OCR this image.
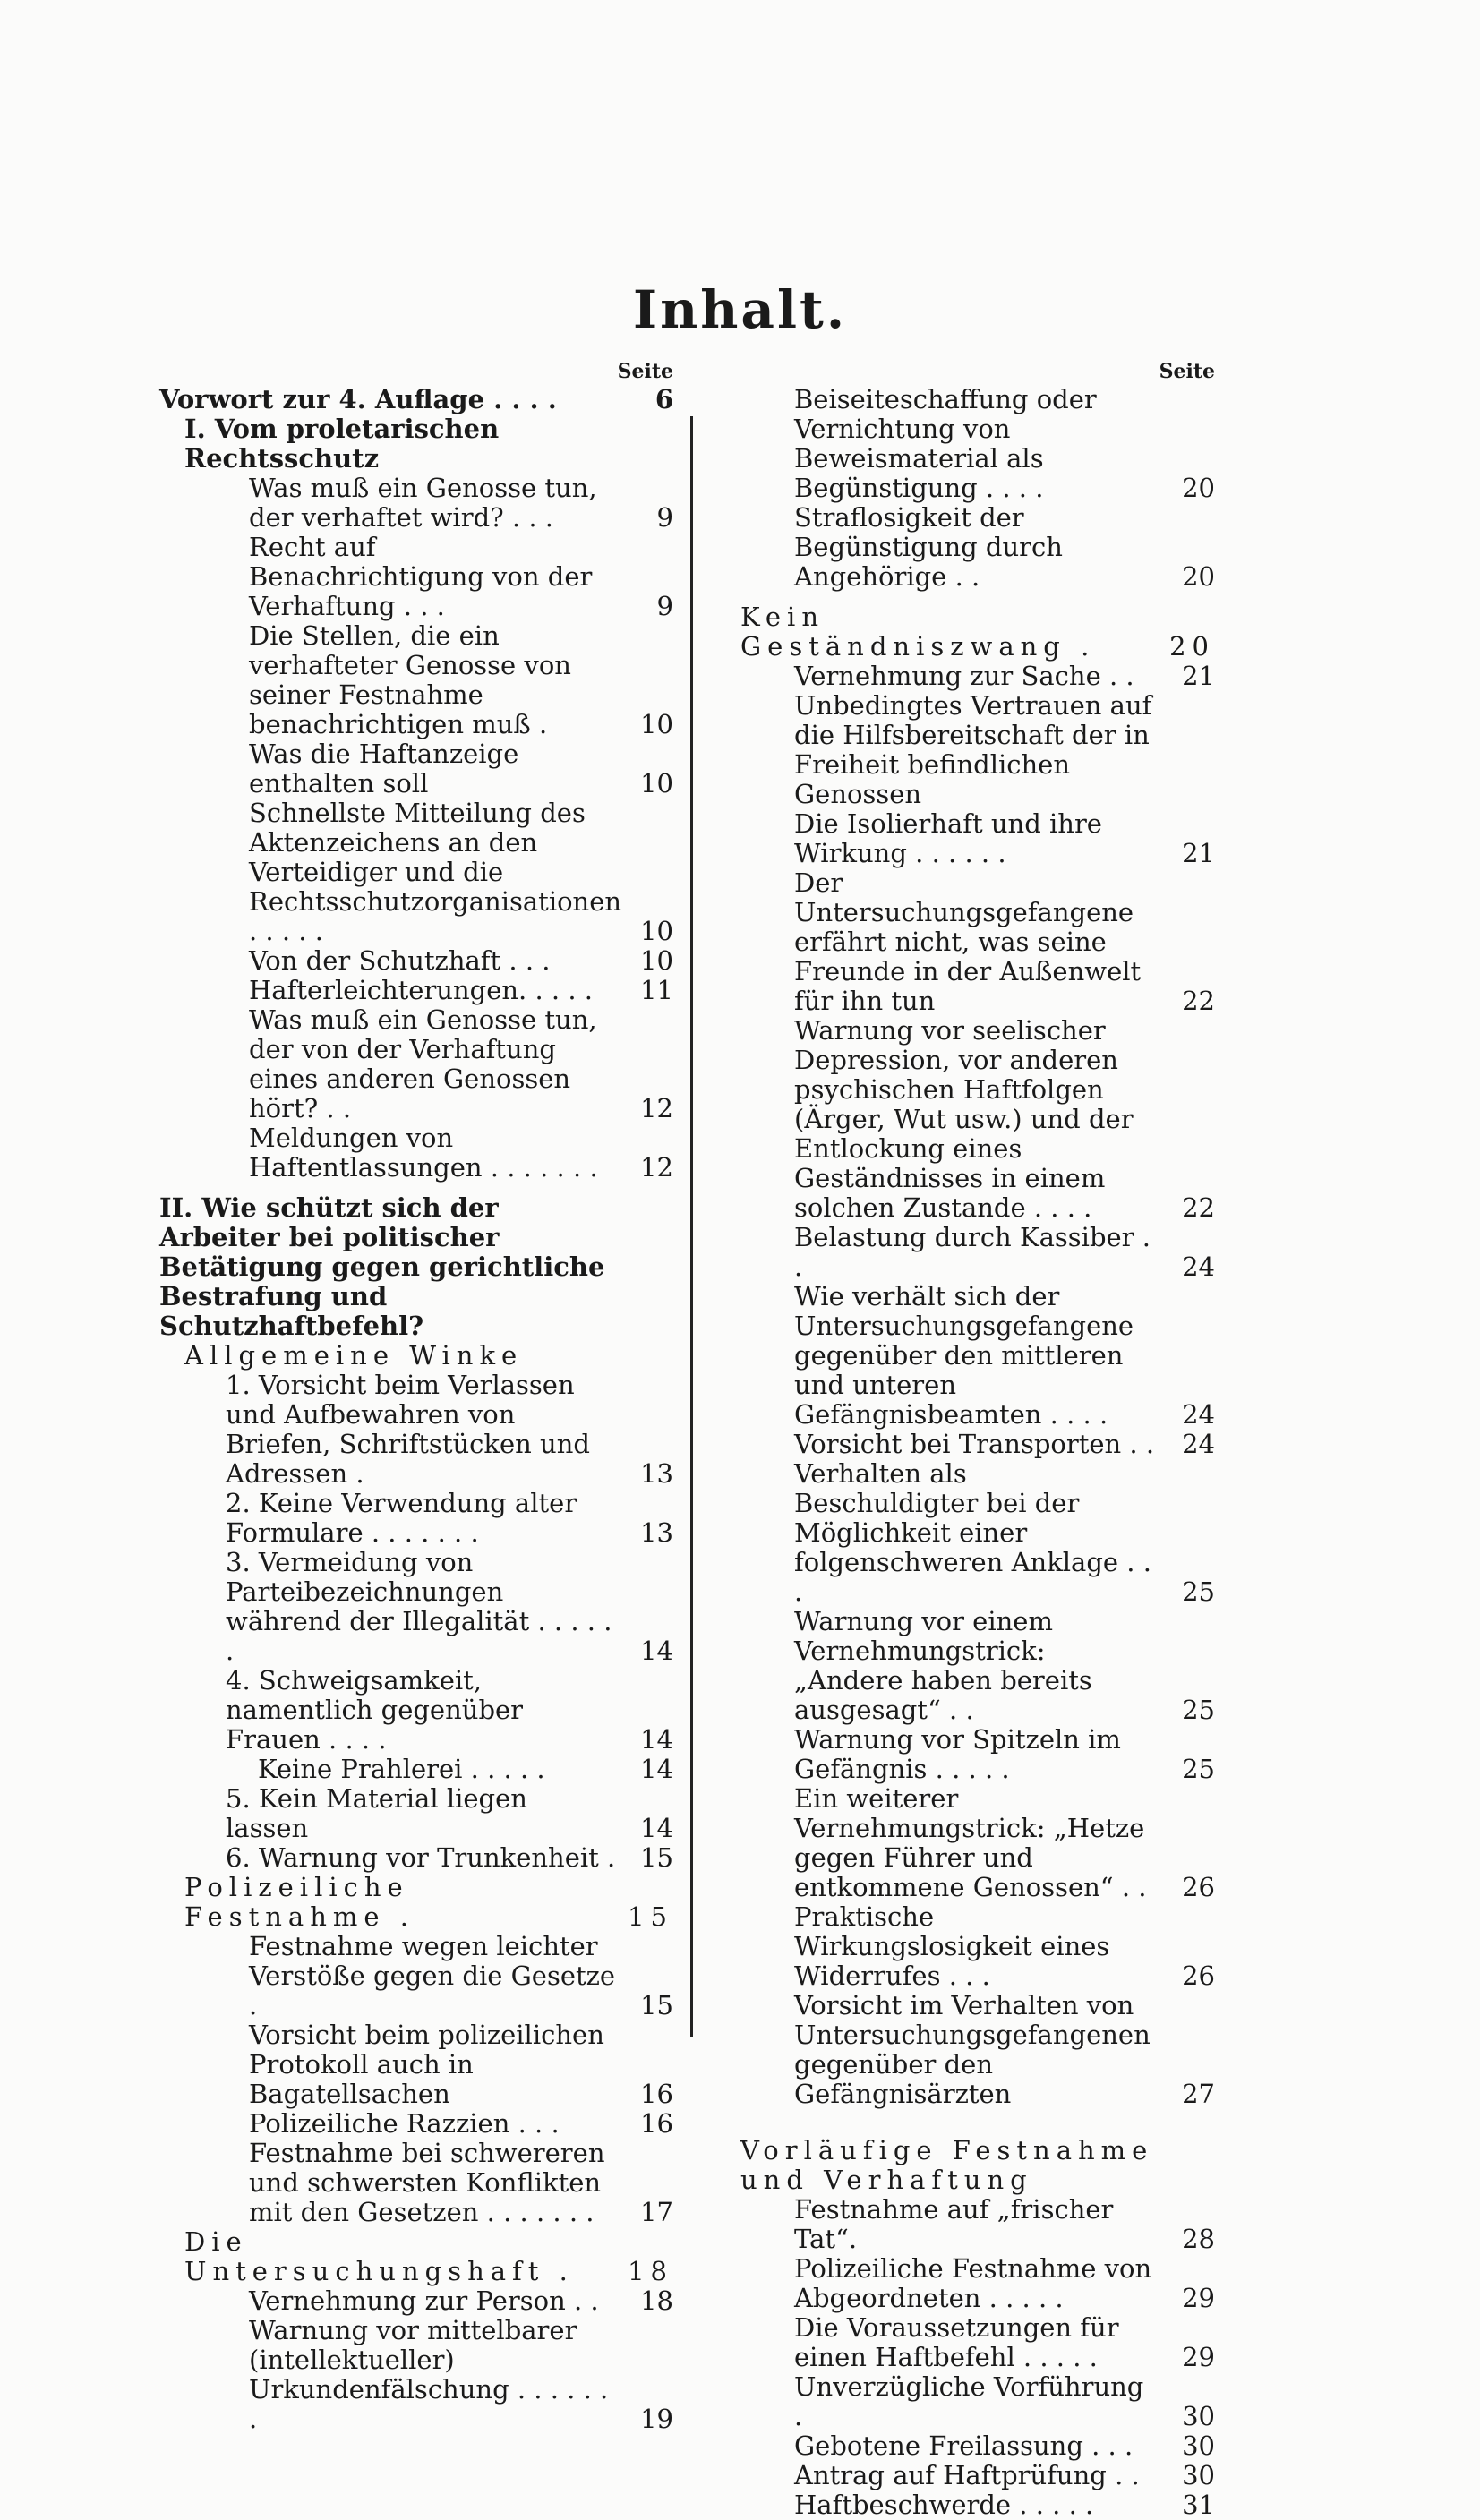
Inhalt.
Seite
Vorwort zur 4. Auflage . . . .	6
I. Vom proletarischen Rechtsschutz
Was muß ein Genosse tun, der verhaftet wird? . . .	9
Recht auf Benachrichtigung von der Verhaftung . . .	9
Die Stellen, die ein verhafteter Genosse von seiner Festnahme benachrichtigen muß .	10
Was die Haftanzeige enthalten soll	10
Schnellste Mitteilung des Aktenzeichens an den Verteidiger und die Rechtsschutzorganisationen . . . . .	10
Von der Schutzhaft . . .	10
Hafterleichterungen. . . . .	11
Was muß ein Genosse tun, der von der Verhaftung eines anderen Genossen hört? . .	12
Meldungen von Haftentlassungen . . . . . . .	12
II. Wie schützt sich der Arbeiter bei politischer Betätigung gegen gerichtliche Bestrafung und Schutzhaftbefehl?
Allgemeine Winke
1. Vorsicht beim Verlassen und Aufbewahren von Briefen, Schriftstücken und Adressen .	13
2. Keine Verwendung alter Formulare . . . . . . .	13
3. Vermeidung von Parteibezeichnungen während der Illegalität . . . . . .	14
4. Schweigsamkeit, namentlich gegenüber Frauen . . . .	14
Keine Prahlerei . . . . .	14
5. Kein Material liegen lassen	14
6. Warnung vor Trunkenheit . 15
Polizeiliche Festnahme .	15
Festnahme wegen leichter Verstöße gegen die Gesetze .	15
Vorsicht beim polizeilichen Protokoll auch in Bagatellsachen	16
Polizeiliche Razzien . . .	16
Festnahme bei schwereren und schwersten Konflikten mit den Gesetzen . . . . . . .	17
Die Untersuchungshaft .	18
Vernehmung zur Person . .	18
Warnung vor mittelbarer (intellektueller) Urkundenfälschung . . . . . . .	19
Seite
Beiseiteschaffung oder Vernichtung von Beweismaterial als Begünstigung . . . .	20
Straflosigkeit der Begünstigung durch Angehörige . .	20
Kein Geständniszwang .	20
Vernehmung zur Sache . .	21
Unbedingtes Vertrauen auf die Hilfsbereitschaft der in Freiheit befindlichen Genossen
Die Isolierhaft und ihre Wirkung . . . . . .	21
Der Untersuchungsgefangene erfährt nicht, was seine Freunde in der Außenwelt für ihn tun	22
Warnung vor seelischer Depression, vor anderen psychischen Haftfolgen (Ärger, Wut usw.) und der Entlockung eines Geständnisses in einem solchen Zustande . . . .	22
Belastung durch Kassiber . .	24
Wie verhält sich der Untersuchungsgefangene gegenüber den mittleren und unteren Gefängnisbeamten . . . .	24
Vorsicht bei Transporten . .	24
Verhalten als Beschuldigter bei der Möglichkeit einer folgenschweren Anklage . . .	25
Warnung vor einem Vernehmungstrick: „Andere haben bereits ausgesagt“ . .	25
Warnung vor Spitzeln im Gefängnis . . . . .	25
Ein weiterer Vernehmungstrick: „Hetze gegen Führer und entkommene Genossen“ . .	26
Praktische Wirkungslosigkeit eines Widerrufes . . .	26
Vorsicht im Verhalten von Untersuchungsgefangenen gegenüber den Gefängnisärzten	27
Vorläufige Festnahme und Verhaftung
Festnahme auf „frischer Tat“.	28
Polizeiliche Festnahme von Abgeordneten . . . . .	29
Die Voraussetzungen für einen Haftbefehl . . . . .	29
Unverzügliche Vorführung .	30
Gebotene Freilassung . . .	30
Antrag auf Haftprüfung . .	30
Haftbeschwerde . . . . .	31
